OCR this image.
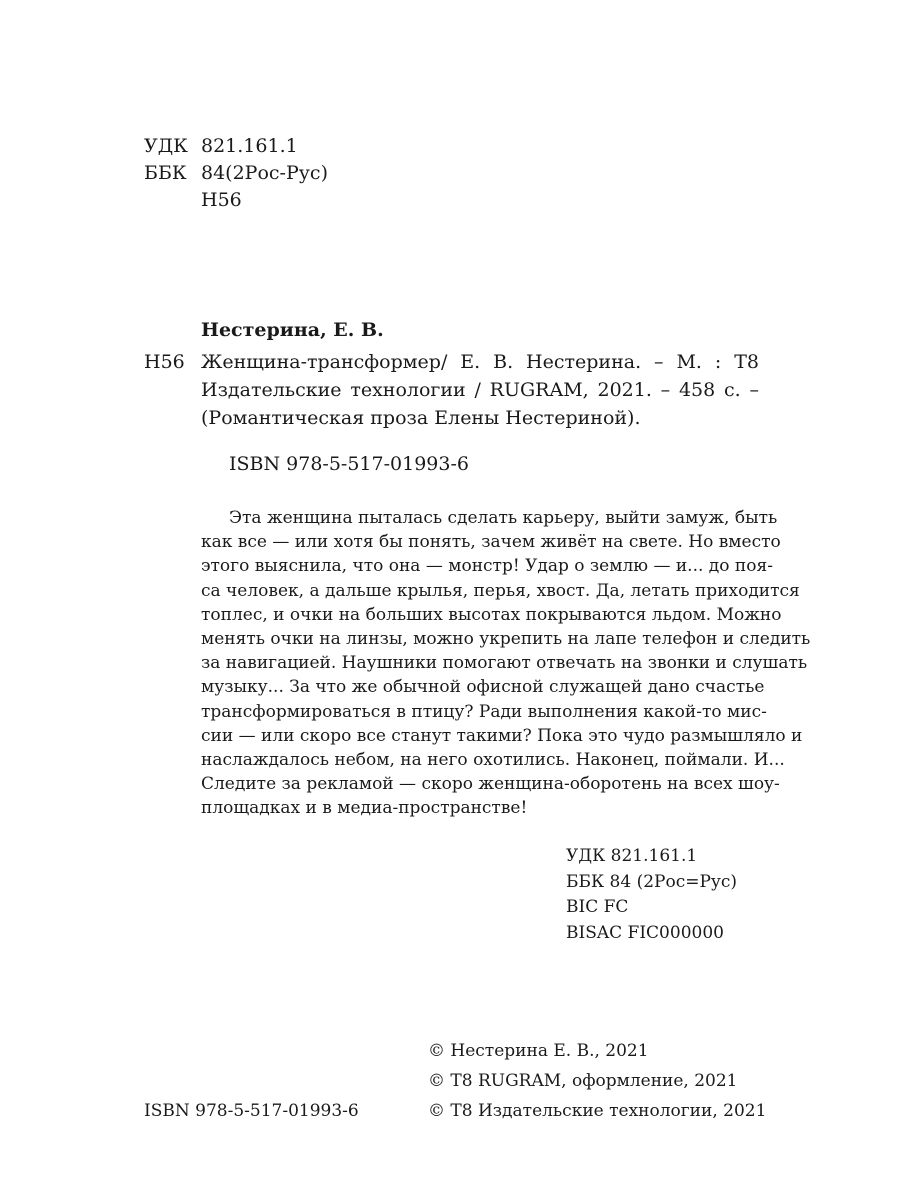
УДК 821.161.1
ББК 84(2Рос-Рус)
Н56
Нестерина, Е. В.
Н56 Женщина-трансформер/ Е. В. Нестерина. – М. : Т8
Издательские технологии / RUGRAM, 2021. – 458 с. –
(Романтическая проза Елены Нестериной).
ISBN 978-5-517-01993-6
Эта женщина пыталась сделать карьеру, выйти замуж, быть
как все — или хотя бы понять, зачем живёт на свете. Но вместо
этого выяснила, что она — монстр! Удар о землю — и... до поя-
са человек, а дальше крылья, перья, хвост. Да, летать приходится
топлес, и очки на больших высотах покрываются льдом. Можно
менять очки на линзы, можно укрепить на лапе телефон и следить
за навигацией. Наушники помогают отвечать на звонки и слушать
музыку... За что же обычной офисной служащей дано счастье
трансформироваться в птицу? Ради выполнения какой-то мис-
сии — или скоро все станут такими? Пока это чудо размышляло и
наслаждалось небом, на него охотились. Наконец, поймали. И...
Следите за рекламой — скоро женщина-оборотень на всех шоу-
площадках и в медиа-пространстве!
УДК 821.161.1
ББК 84 (2Рос=Рус)
BIC FC
BISAC FIC000000
© Нестерина Е. В., 2021
© Т8 RUGRAM, оформление, 2021
© Т8 Издательские технологии, 2021
ISBN 978-5-517-01993-6
